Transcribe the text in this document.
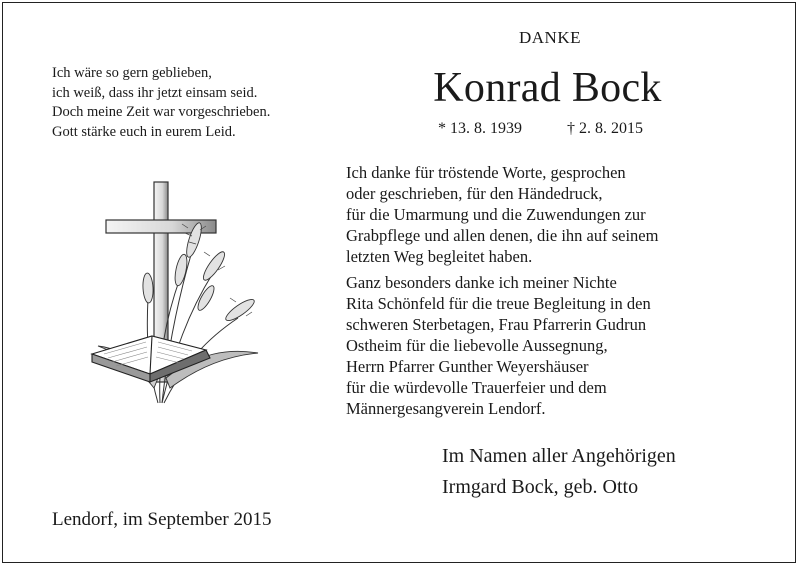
DANKE
Konrad Bock
* 13. 8. 1939	† 2. 8. 2015
Ich wäre so gern geblieben,
ich weiß, dass ihr jetzt einsam seid.
Doch meine Zeit war vorgeschrieben.
Gott stärke euch in eurem Leid.
Ich danke für tröstende Worte, gesprochen
oder geschrieben, für den Händedruck,
für die Umarmung und die Zuwendungen zur
Grabpflege und allen denen, die ihn auf seinem
letzten Weg begleitet haben.
Ganz besonders danke ich meiner Nichte
Rita Schönfeld für die treue Begleitung in den
schweren Sterbetagen, Frau Pfarrerin Gudrun
Ostheim für die liebevolle Aussegnung,
Herrn Pfarrer Gunther Weyershäuser
für die würdevolle Trauerfeier und dem
Männergesangverein Lendorf.
Im Namen aller Angehörigen
Irmgard Bock, geb. Otto
Lendorf, im September 2015
